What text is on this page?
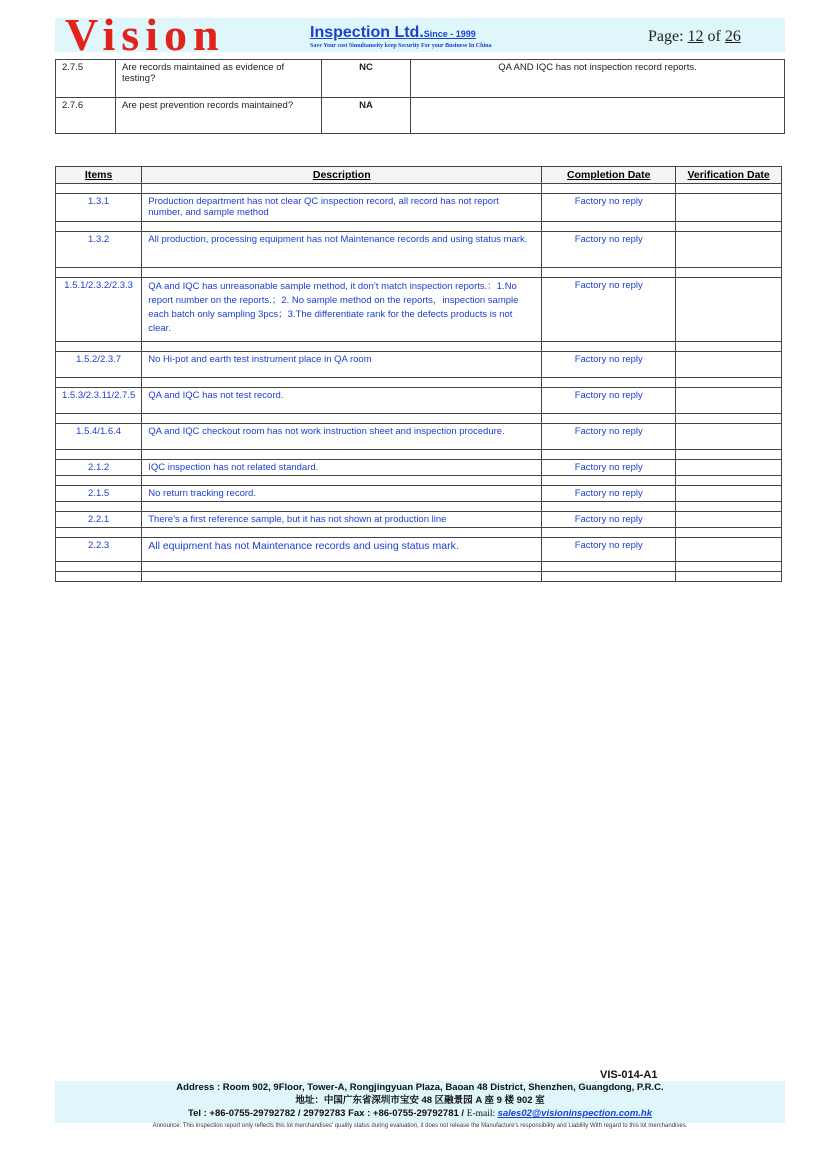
Vision	Inspection Ltd.Since - 1999
Save Your cost Simultameity keep Security For your Business In China
Page: 12 of 26
2.7.5	Are records maintained as evidence of testing?	NC	QA AND IQC has not inspection record reports.
2.7.6	Are pest prevention records maintained?	NA	
Items	Description	Completion Date	Verification Date

1.3.1	Production department has not clear QC inspection record, all record has not report number, and sample method	Factory no reply	

1.3.2	All production, processing equipment has not Maintenance records and using status mark.	Factory no reply	

1.5.1/2.3.2/2.3.3	QA and IQC has unreasonable sample method, it don’t match inspection reports.：1.No report number on the reports.；2. No sample method on the reports，inspection sample each batch only sampling 3pcs；3.The differentiate rank for the defects products is not clear.	Factory no reply	

1.5.2/2.3.7	No Hi-pot and earth test instrument place in QA room	Factory no reply	

1.5.3/2.3.11/2.7.5	QA and IQC has not test record.	Factory no reply	

1.5.4/1.6.4	QA and IQC checkout room has not work instruction sheet and inspection procedure.	Factory no reply	

2.1.2	IQC inspection has not related standard.	Factory no reply	

2.1.5	No return tracking record.	Factory no reply	

2.2.1	There’s a first reference sample, but it has not shown at production line	Factory no reply	

2.2.3	All equipment has not Maintenance records and using status mark.	Factory no reply	

VIS-014-A1
Address : Room 902, 9Floor, Tower-A, Rongjingyuan Plaza, Baoan 48 District, Shenzhen, Guangdong, P.R.C.
地址：中国广东省深圳市宝安 48 区融景园 A 座 9 楼 902 室
Tel : +86-0755-29792782 / 29792783 Fax : +86-0755-29792781 / E-mail: sales02@visioninspection.com.hk
Announce: This inspection report only reflects this lot merchandises' quality status during evaluation, it does not release the Manufacture's responsibility and Liability With regard to this lot merchandises.
